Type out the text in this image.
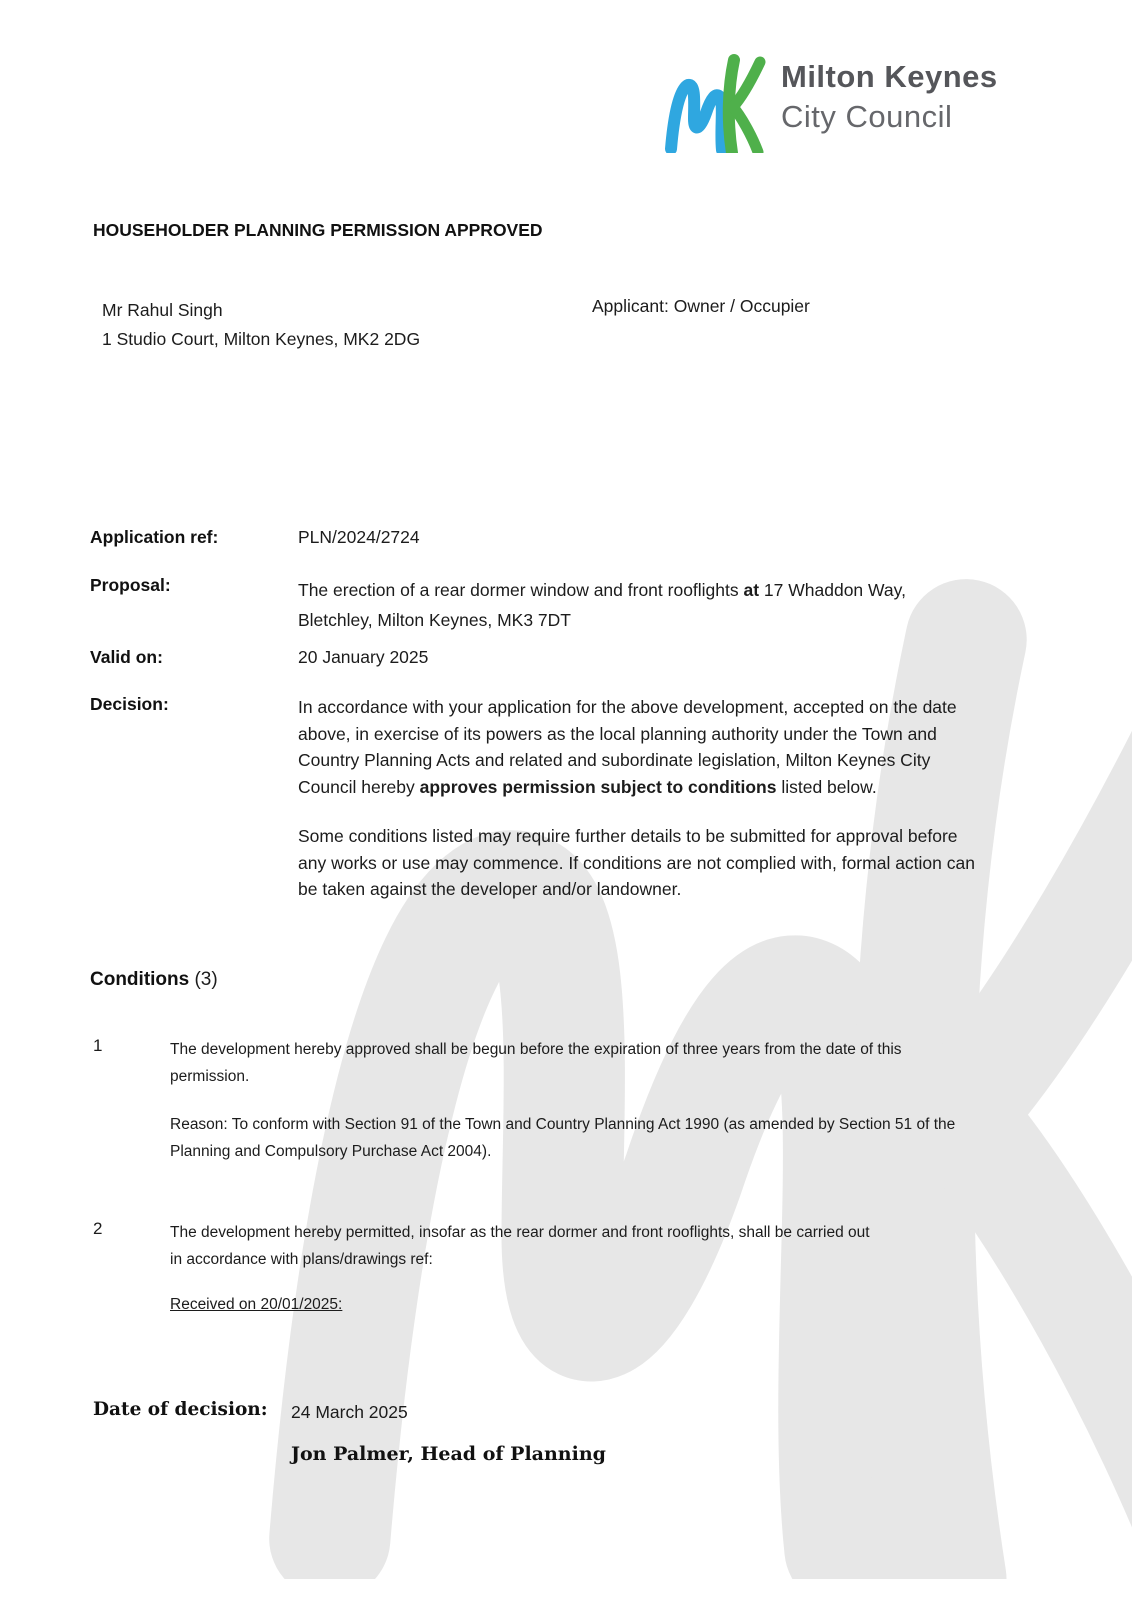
Milton Keynes
City Council
HOUSEHOLDER PLANNING PERMISSION APPROVED
Mr Rahul Singh
1 Studio Court, Milton Keynes, MK2 2DG
Applicant: Owner / Occupier
Application ref:	PLN/2024/2724
Proposal:	The erection of a rear dormer window and front rooflights at 17 Whaddon Way,
Bletchley, Milton Keynes, MK3 7DT
Valid on:	20 January 2025
Decision:	In accordance with your application for the above development, accepted on the date
above, in exercise of its powers as the local planning authority under the Town and
Country Planning Acts and related and subordinate legislation, Milton Keynes City
Council hereby approves permission subject to conditions listed below.
Some conditions listed may require further details to be submitted for approval before
any works or use may commence. If conditions are not complied with, formal action can
be taken against the developer and/or landowner.
Conditions (3)
1	The development hereby approved shall be begun before the expiration of three years from the date of this
permission.
Reason: To conform with Section 91 of the Town and Country Planning Act 1990 (as amended by Section 51 of the
Planning and Compulsory Purchase Act 2004).
2	The development hereby permitted, insofar as the rear dormer and front rooflights, shall be carried out
in accordance with plans/drawings ref:
Received on 20/01/2025:
Date of decision: 24 March 2025
Jon Palmer, Head of Planning
